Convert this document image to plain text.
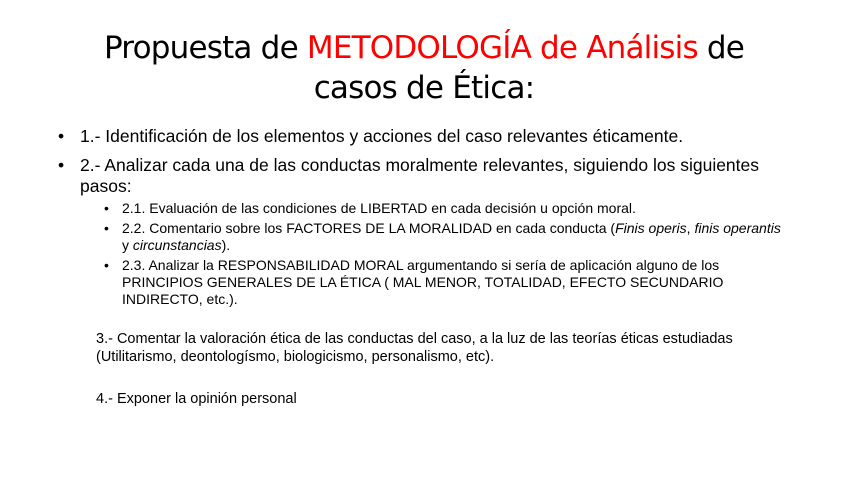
Propuesta de METODOLOGÍA de Análisis de
casos de Ética:
• 1.- Identificación de los elementos y acciones del caso relevantes éticamente.
• 2.- Analizar cada una de las conductas moralmente relevantes, siguiendo los siguientes pasos:
• 2.1. Evaluación de las condiciones de LIBERTAD en cada decisión u opción moral.
• 2.2. Comentario sobre los FACTORES DE LA MORALIDAD en cada conducta (Finis operis, finis operantis y circunstancias).
• 2.3. Analizar la RESPONSABILIDAD MORAL argumentando si sería de aplicación alguno de los PRINCIPIOS GENERALES DE LA ÉTICA ( MAL MENOR, TOTALIDAD, EFECTO SECUNDARIO INDIRECTO, etc.).
3.- Comentar la valoración ética de las conductas del caso, a la luz de las teorías éticas estudiadas (Utilitarismo, deontologísmo, biologicismo, personalismo, etc).
4.- Exponer la opinión personal
